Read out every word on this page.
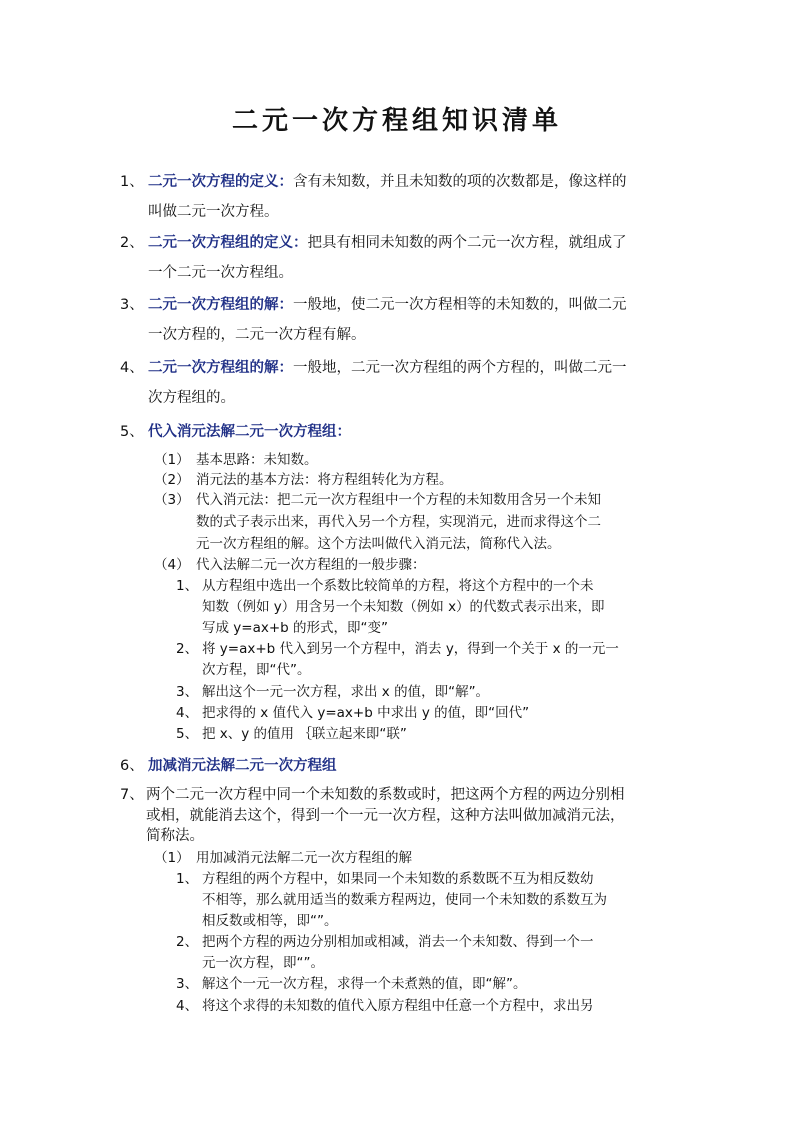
二元一次方程组知识清单
1、 二元一次方程的定义：含有未知数，并且未知数的项的次数都是，像这样的
叫做二元一次方程。
2、 二元一次方程组的定义：把具有相同未知数的两个二元一次方程，就组成了
一个二元一次方程组。
3、 二元一次方程组的解：一般地，使二元一次方程相等的未知数的，叫做二元
一次方程的，二元一次方程有解。
4、 二元一次方程组的解：一般地，二元一次方程组的两个方程的，叫做二元一
次方程组的。
5、 代入消元法解二元一次方程组：
（1） 基本思路：未知数。
（2） 消元法的基本方法：将方程组转化为方程。
（3） 代入消元法：把二元一次方程组中一个方程的未知数用含另一个未知
数的式子表示出来，再代入另一个方程，实现消元，进而求得这个二
元一次方程组的解。这个方法叫做代入消元法，简称代入法。
（4） 代入法解二元一次方程组的一般步骤：
1、 从方程组中选出一个系数比较简单的方程，将这个方程中的一个未
知数（例如 y）用含另一个未知数（例如 x）的代数式表示出来，即
写成 y=ax+b 的形式，即“变”
2、 将 y=ax+b 代入到另一个方程中，消去 y，得到一个关于 x 的一元一
次方程，即“代”。
3、 解出这个一元一次方程，求出 x 的值，即“解”。
4、 把求得的 x 值代入 y=ax+b 中求出 y 的值，即“回代”
5、 把 x、y 的值用 ｛联立起来即“联”
6、 加减消元法解二元一次方程组
7、 两个二元一次方程中同一个未知数的系数或时，把这两个方程的两边分别相
或相，就能消去这个，得到一个一元一次方程，这种方法叫做加减消元法，
简称法。
（1） 用加减消元法解二元一次方程组的解
1、 方程组的两个方程中，如果同一个未知数的系数既不互为相反数幼
不相等，那么就用适当的数乘方程两边，使同一个未知数的系数互为
相反数或相等，即“”。
2、 把两个方程的两边分别相加或相减，消去一个未知数、得到一个一
元一次方程，即“”。
3、 解这个一元一次方程，求得一个未煮熟的值，即“解”。
4、 将这个求得的未知数的值代入原方程组中任意一个方程中，求出另
